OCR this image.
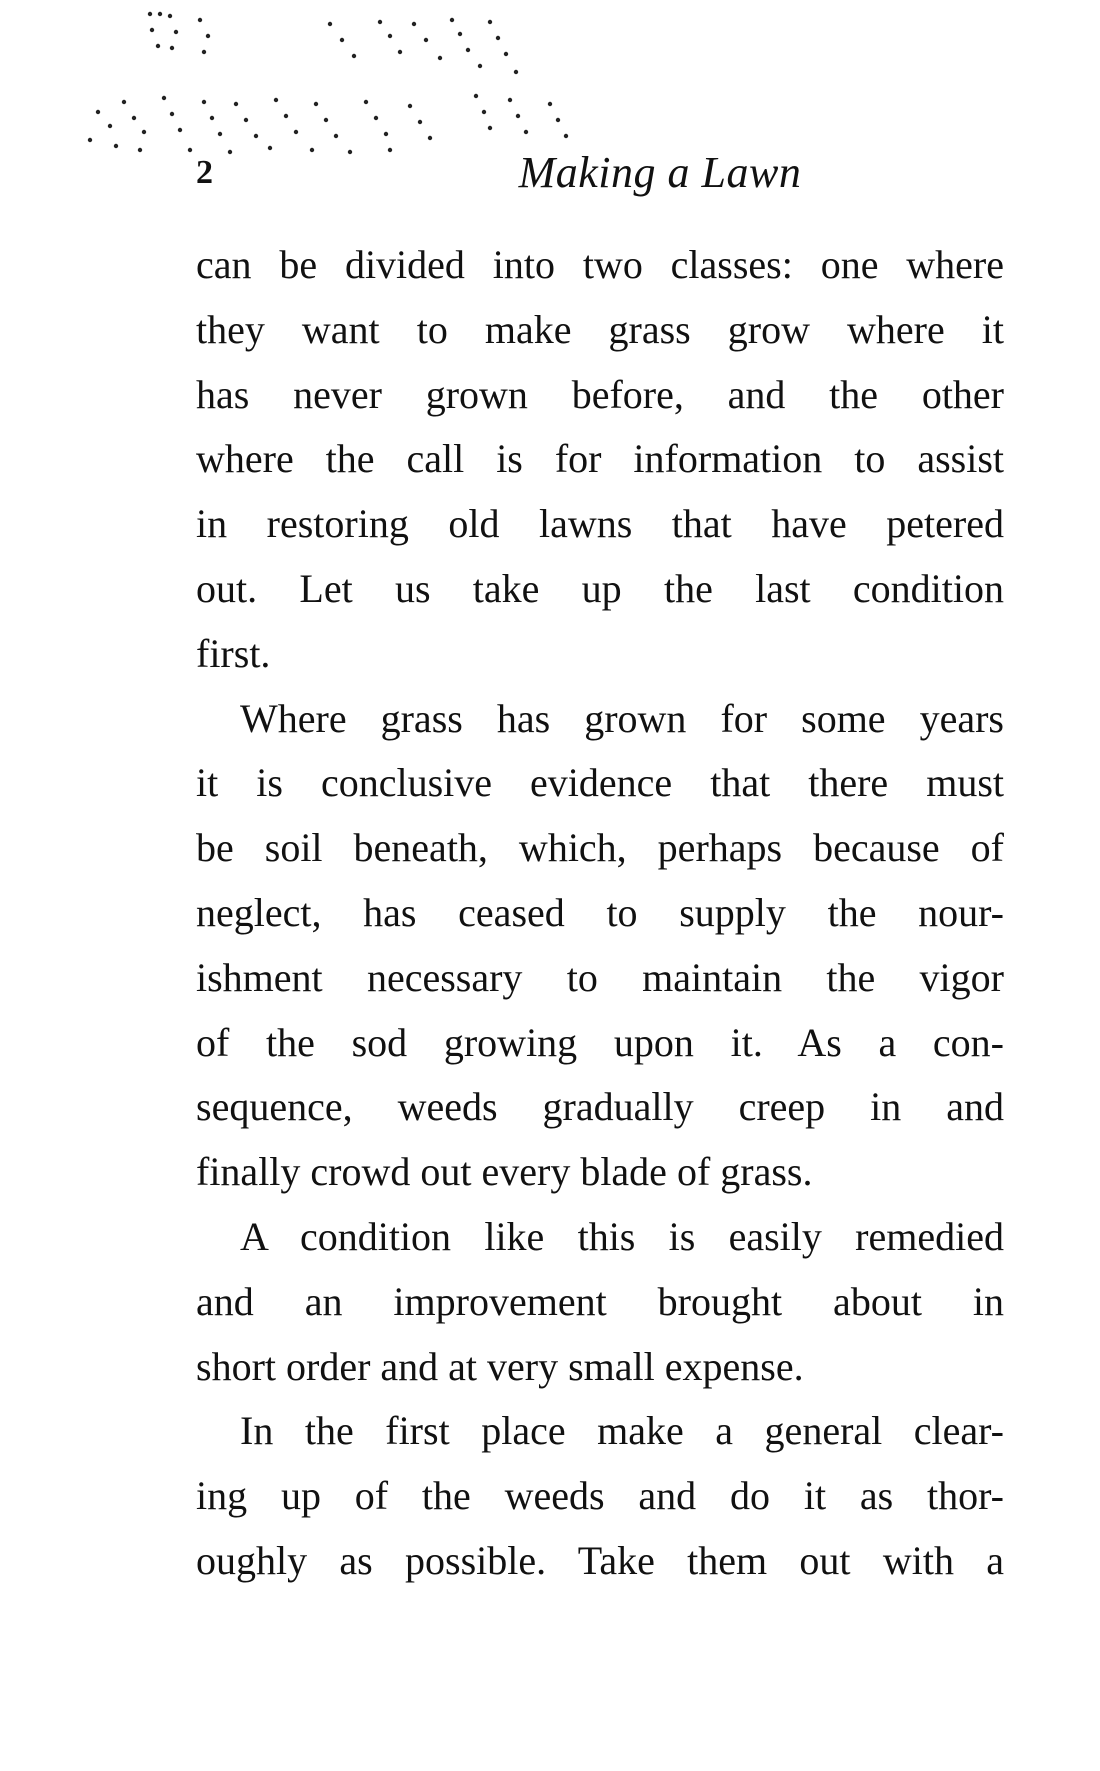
2	Making a Lawn

can be divided into two classes: one where
they want to make grass grow where it
has never grown before, and the other
where the call is for information to assist
in restoring old lawns that have petered
out. Let us take up the last condition
first.

Where grass has grown for some years
it is conclusive evidence that there must
be soil beneath, which, perhaps because of
neglect, has ceased to supply the nour-
ishment necessary to maintain the vigor
of the sod growing upon it. As a con-
sequence, weeds gradually creep in and
finally crowd out every blade of grass.

A condition like this is easily remedied
and an improvement brought about in
short order and at very small expense.

In the first place make a general clear-
ing up of the weeds and do it as thor-
oughly as possible. Take them out with a
